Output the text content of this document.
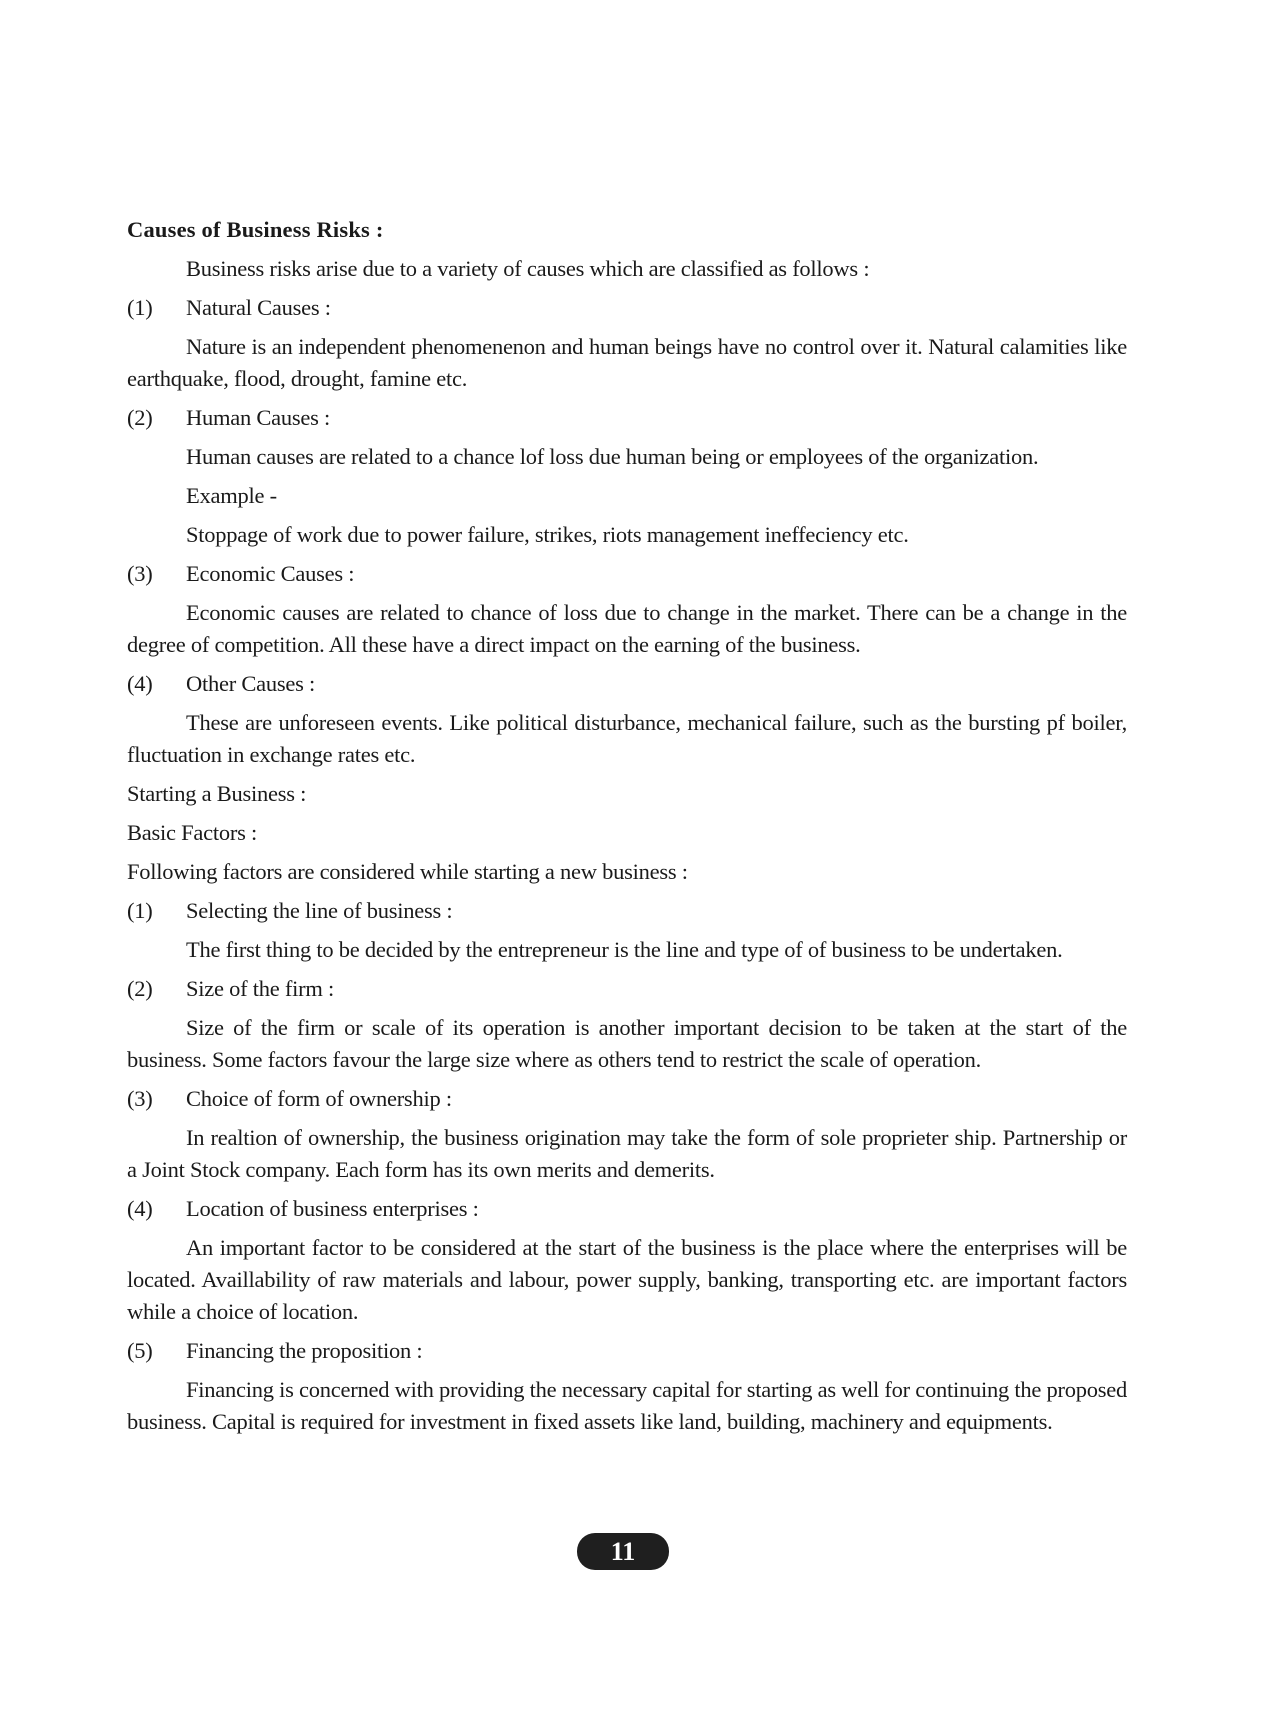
Causes of Business Risks :
Business risks arise due to a variety of causes which are classified as follows :
(1)	Natural Causes :
Nature is an independent phenomenenon and human beings have no control over it. Natural calamities like earthquake, flood, drought, famine etc.
(2)	Human Causes :
Human causes are related to a chance lof loss due human being or employees of the organization.
Example -
Stoppage of work due to power failure, strikes, riots management ineffeciency etc.
(3)	Economic Causes :
Economic causes are related to chance of loss due to change in the market. There can be a change in the degree of competition. All these have a direct impact on the earning of the business.
(4)	Other Causes :
These are unforeseen events. Like political disturbance, mechanical failure, such as the bursting pf boiler, fluctuation in exchange rates etc.
Starting a Business :
Basic Factors :
Following factors are considered while starting a new business :
(1)	Selecting the line of business :
The first thing to be decided by the entrepreneur is the line and type of of business to be undertaken.
(2)	Size of the firm :
Size of the firm or scale of its operation is another important decision to be taken at the start of the business. Some factors favour the large size where as others tend to restrict the scale of operation.
(3)	Choice of form of ownership :
In realtion of ownership, the business origination may take the form of sole proprieter ship. Partnership or a Joint Stock company. Each form has its own merits and demerits.
(4)	Location of business enterprises :
An important factor to be considered at the start of the business is the place where the enterprises will be located. Availlability of raw materials and labour, power supply, banking, transporting etc. are important factors while a choice of location.
(5)	Financing the proposition :
Financing is concerned with providing the necessary capital for starting as well for continuing the proposed business. Capital is required for investment in fixed assets like land, building, machinery and equipments.
11
